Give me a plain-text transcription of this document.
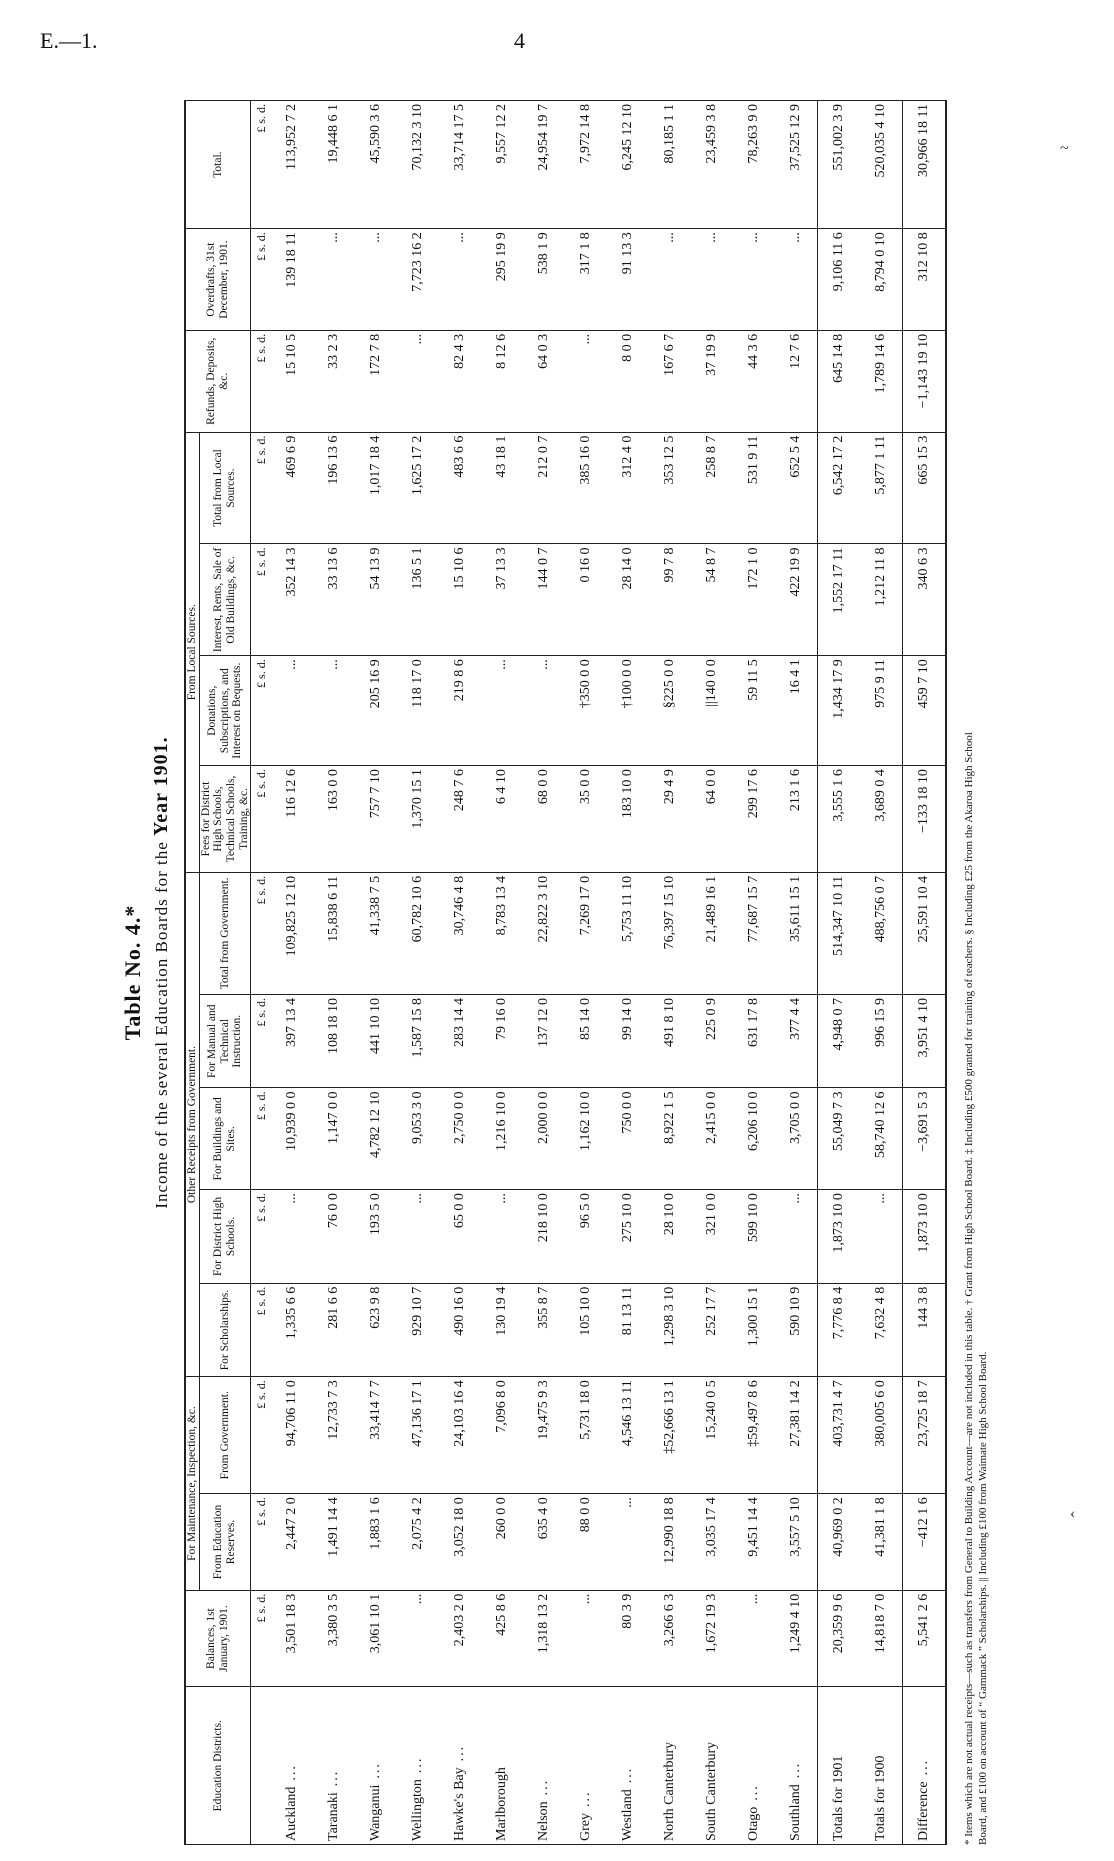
E.—1.	4
~
‹
Table No. 4.* Income of the several Education Boards for the Year 1901.
Education Districts.	Balances, 1st January, 1901.	For Maintenance, Inspection, &c.		Other Receipts from Government.					From Local Sources.				Refunds, Deposits, &c.	Overdrafts, 31st December, 1901.	Total.
		From Education Reserves.	From Government.	For Scholarships.	For District High Schools.	For Buildings and Sites.	For Manual and Technical Instruction.	Total from Government.	Fees for District High Schools, Technical Schools, Training, &c.	Donations, Subscriptions, and Interest on Bequests.	Interest, Rents, Sale of Old Buildings, &c.	Total from Local Sources.			
	£ s. d.	£ s. d.	£ s. d.	£ s. d.	£ s. d.	£ s. d.	£ s. d.	£ s. d.	£ s. d.	£ s. d.	£ s. d.	£ s. d.	£ s. d.	£ s. d.	£ s. d.
Auckland...	3,501 18 3	2,447 2 0	94,706 11 0	1,335 6 6	...	10,939 0 0	397 13 4	109,825 12 10	116 12 6	...	352 14 3	469 6 9	15 10 5	139 18 11	113,952 7 2
Taranaki...	3,380 3 5	1,491 14 4	12,733 7 3	281 6 6	76 0 0	1,147 0 0	108 18 10	15,838 6 11	163 0 0	...	33 13 6	196 13 6	33 2 3	...	19,448 6 1
Wanganui...	3,061 10 1	1,883 1 6	33,414 7 7	623 9 8	193 5 0	4,782 12 10	441 10 10	41,338 7 5	757 7 10	205 16 9	54 13 9	1,017 18 4	172 7 8	...	45,590 3 6
Wellington...	...	2,075 4 2	47,136 17 1	929 10 7	...	9,053 3 0	1,587 15 8	60,782 10 6	1,370 15 1	118 17 0	136 5 1	1,625 17 2	...	7,723 16 2	70,132 3 10
Hawke's Bay...	2,403 2 0	3,052 18 0	24,103 16 4	490 16 0	65 0 0	2,750 0 0	283 14 4	30,746 4 8	248 7 6	219 8 6	15 10 6	483 6 6	82 4 3	...	33,714 17 5
Marlborough	425 8 6	260 0 0	7,096 8 0	130 19 4	...	1,216 10 0	79 16 0	8,783 13 4	6 4 10	...	37 13 3	43 18 1	8 12 6	295 19 9	9,557 12 2
Nelson...	1,318 13 2	635 4 0	19,475 9 3	355 8 7	218 10 0	2,000 0 0	137 12 0	22,822 3 10	68 0 0	...	144 0 7	212 0 7	64 0 3	538 1 9	24,954 19 7
Grey...	...	88 0 0	5,731 18 0	105 10 0	96 5 0	1,162 10 0	85 14 0	7,269 17 0	35 0 0	†350 0 0	0 16 0	385 16 0	...	317 1 8	7,972 14 8
Westland...	80 3 9	...	4,546 13 11	81 13 11	275 10 0	750 0 0	99 14 0	5,753 11 10	183 10 0	†100 0 0	28 14 0	312 4 0	8 0 0	91 13 3	6,245 12 10
North Canterbury	3,266 6 3	12,990 18 8	‡52,666 13 1	1,298 3 10	28 10 0	8,922 1 5	491 8 10	76,397 15 10	29 4 9	§225 0 0	99 7 8	353 12 5	167 6 7	...	80,185 1 1
South Canterbury	1,672 19 3	3,035 17 4	15,240 0 5	252 17 7	321 0 0	2,415 0 0	225 0 9	21,489 16 1	64 0 0	||140 0 0	54 8 7	258 8 7	37 19 9	...	23,459 3 8
Otago...	...	9,451 14 4	‡59,497 8 6	1,300 15 1	599 10 0	6,206 10 0	631 17 8	77,687 15 7	299 17 6	59 11 5	172 1 0	531 9 11	44 3 6	...	78,263 9 0
Southland...	1,249 4 10	3,557 5 10	27,381 14 2	590 10 9	...	3,705 0 0	377 4 4	35,611 15 1	213 1 6	16 4 1	422 19 9	652 5 4	12 7 6	...	37,525 12 9
Totals for 1901	20,359 9 6	40,969 0 2	403,731 4 7	7,776 8 4	1,873 10 0	55,049 7 3	4,948 0 7	514,347 10 11	3,555 1 6	1,434 17 9	1,552 17 11	6,542 17 2	645 14 8	9,106 11 6	551,002 3 9
Totals for 1900	14,818 7 0	41,381 1 8	380,005 6 0	7,632 4 8	...	58,740 12 6	996 15 9	488,756 0 7	3,689 0 4	975 9 11	1,212 11 8	5,877 1 11	1,789 14 6	8,794 0 10	520,035 4 10
Difference...	5,541 2 6	−412 1 6	23,725 18 7	144 3 8	1,873 10 0	−3,691 5 3	3,951 4 10	25,591 10 4	−133 18 10	459 7 10	340 6 3	665 15 3	−1,143 19 10	312 10 8	30,966 18 11

* Items which are not actual receipts—such as transfers from General to Building Account—are not included in this table. † Grant from High School Board. ‡ Including £500 granted for training of teachers. § Including £25 from the Akaroa High School Board, and £100 on account of “ Gammack ” Scholarships. || Including £100 from Waimate High School Board.
